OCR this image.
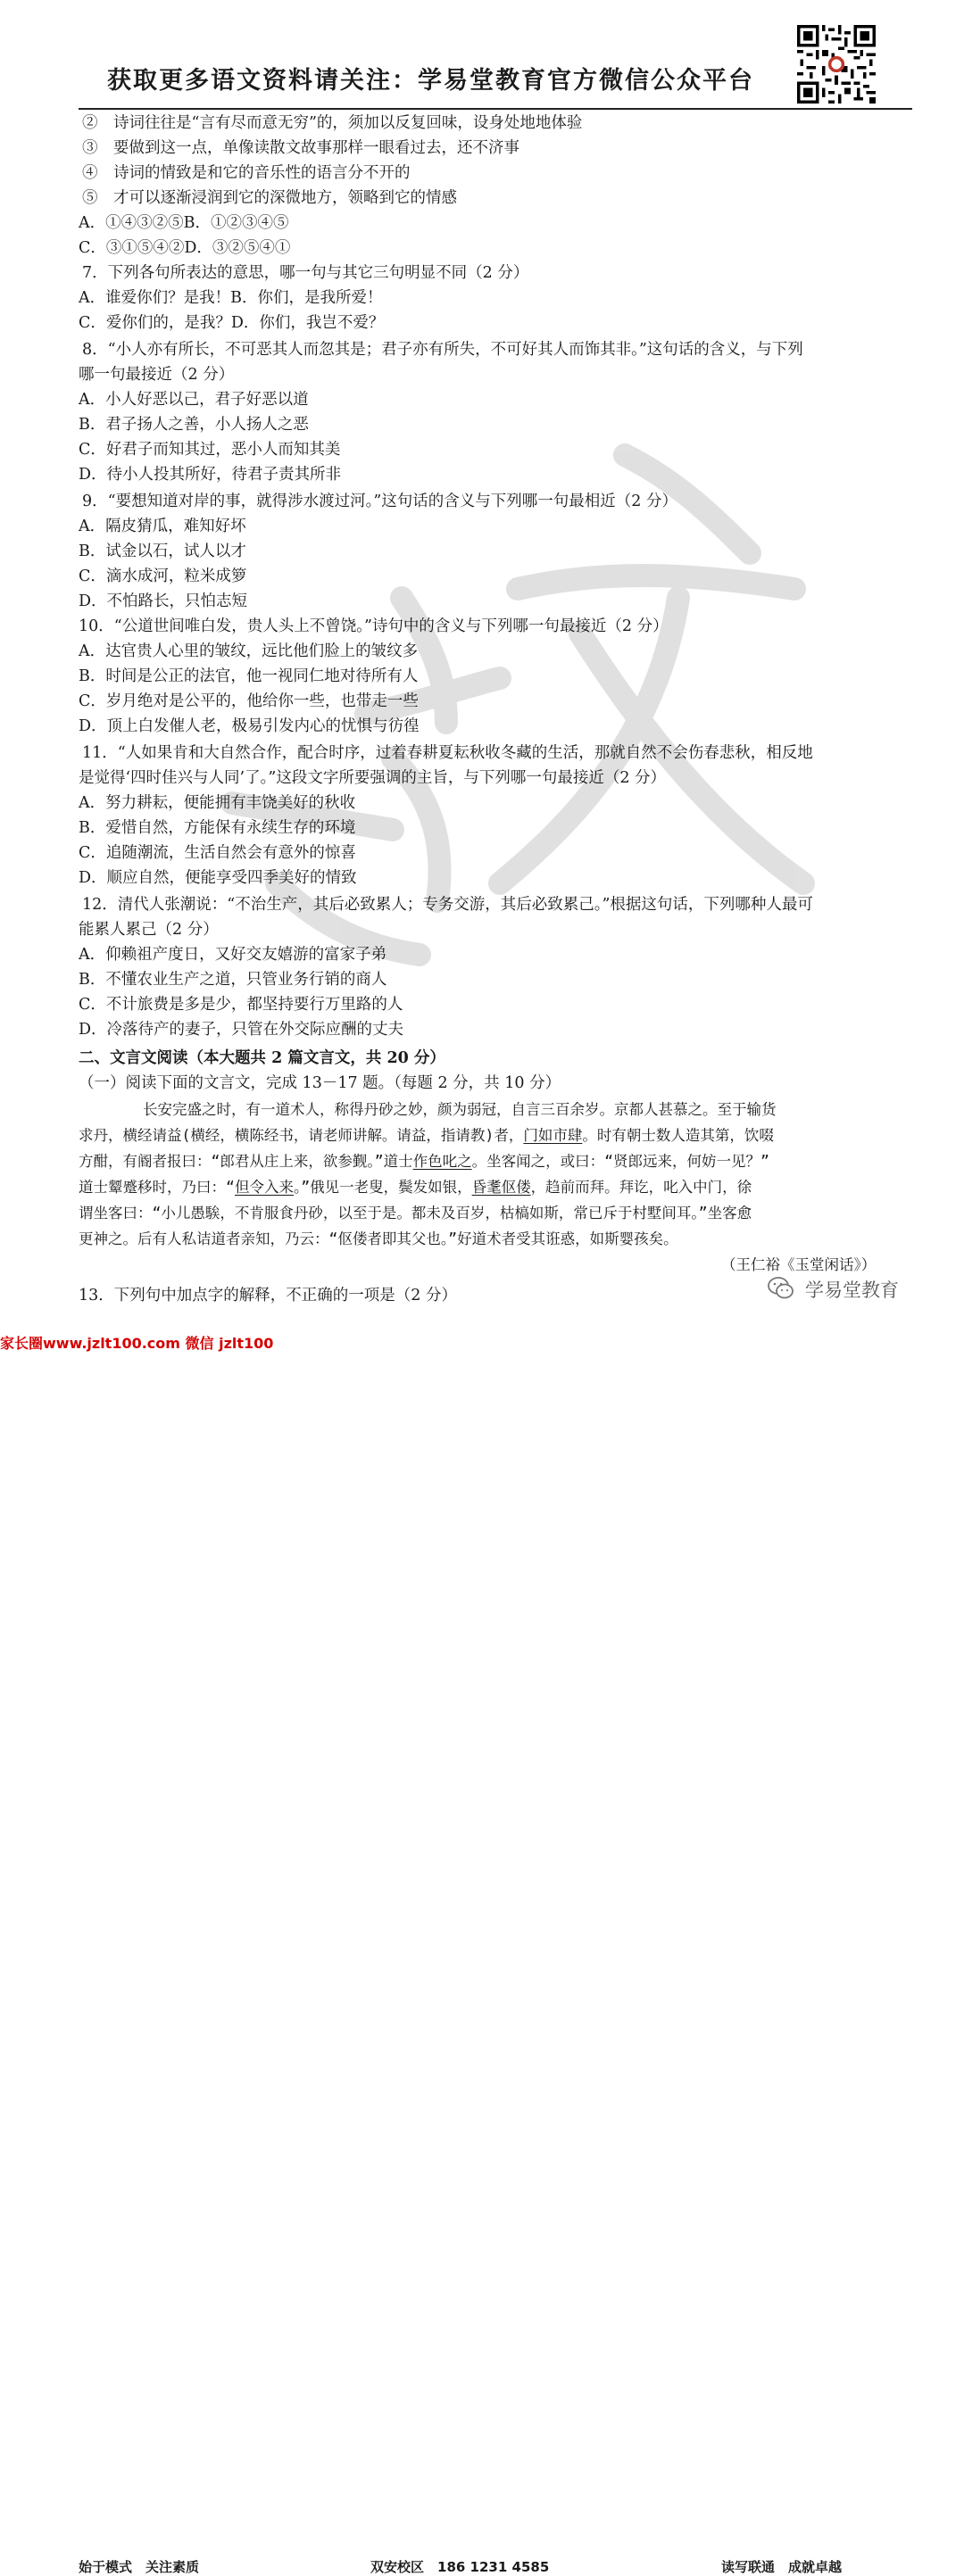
获取更多语文资料请关注：学易堂教育官方微信公众平台
②　诗词往往是“言有尽而意无穷”的，须加以反复回味，设身处地地体验
③　要做到这一点，单像读散文故事那样一眼看过去，还不济事
④　诗词的情致是和它的音乐性的语言分不开的
⑤　才可以逐渐浸润到它的深微地方，领略到它的情感
A．①④③②⑤B．①②③④⑤
C．③①⑤④②D．③②⑤④①
7．下列各句所表达的意思，哪一句与其它三句明显不同（2 分）
A．谁爱你们？是我！B．你们，是我所爱！
C．爱你们的，是我？D．你们，我岂不爱？
8．“小人亦有所长，不可恶其人而忽其是；君子亦有所失，不可好其人而饰其非。”这句话的含义，与下列
哪一句最接近（2 分）
A．小人好恶以己，君子好恶以道
B．君子扬人之善，小人扬人之恶
C．好君子而知其过，恶小人而知其美
D．待小人投其所好，待君子责其所非
9．“要想知道对岸的事，就得涉水渡过河。”这句话的含义与下列哪一句最相近（2 分）
A．隔皮猜瓜，难知好坏
B．试金以石，试人以才
C．滴水成河，粒米成箩
D．不怕路长，只怕志短
10．“公道世间唯白发，贵人头上不曾饶。”诗句中的含义与下列哪一句最接近（2 分）
A．达官贵人心里的皱纹，远比他们脸上的皱纹多
B．时间是公正的法官，他一视同仁地对待所有人
C．岁月绝对是公平的，他给你一些，也带走一些
D．顶上白发催人老，极易引发内心的忧惧与彷徨
11．“人如果肯和大自然合作，配合时序，过着春耕夏耘秋收冬藏的生活，那就自然不会伤春悲秋，相反地
是觉得‘四时佳兴与人同’了。”这段文字所要强调的主旨，与下列哪一句最接近（2 分）
A．努力耕耘，便能拥有丰饶美好的秋收
B．爱惜自然，方能保有永续生存的环境
C．追随潮流，生活自然会有意外的惊喜
D．顺应自然，便能享受四季美好的情致
12．清代人张潮说：“不治生产，其后必致累人；专务交游，其后必致累己。”根据这句话，下列哪种人最可
能累人累己（2 分）
A．仰赖祖产度日，又好交友嬉游的富家子弟
B．不懂农业生产之道，只管业务行销的商人
C．不计旅费是多是少，都坚持要行万里路的人
D．冷落待产的妻子，只管在外交际应酬的丈夫
二、文言文阅读（本大题共 2 篇文言文，共 20 分）
（一）阅读下面的文言文，完成 13－17 题。（每题 2 分，共 10 分）
长安完盛之时，有一道术人，称得丹砂之妙，颜为弱冠，自言三百余岁。京都人甚慕之。至于输货
求丹，横经请益(横经，横陈经书，请老师讲解。请益，指请教)者，门如市肆。时有朝士数人造其第，饮啜
方酣，有阍者报曰：“郎君从庄上来，欲参觐。”道士作色叱之。坐客闻之，或曰：“贤郎远来，何妨一见？”
道士颦蹙移时，乃曰：“但令入来。”俄见一老叟，鬓发如银，昏耄伛偻，趋前而拜。拜讫，叱入中门，徐
谓坐客曰：“小儿愚騃，不肯服食丹砂，以至于是。都未及百岁，枯槁如斯，常已斥于村墅间耳。”坐客愈
更神之。后有人私诘道者亲知，乃云：“伛偻者即其父也。”好道术者受其诳惑，如斯婴孩矣。
（王仁裕《玉堂闲话》）
13．下列句中加点字的解释，不正确的一项是（2 分）
始于模式　关注素质	双安校区　186 1231 4585	读写联通　成就卓越
学易堂教育
家长圈www.jzlt100.com 微信 jzlt100
